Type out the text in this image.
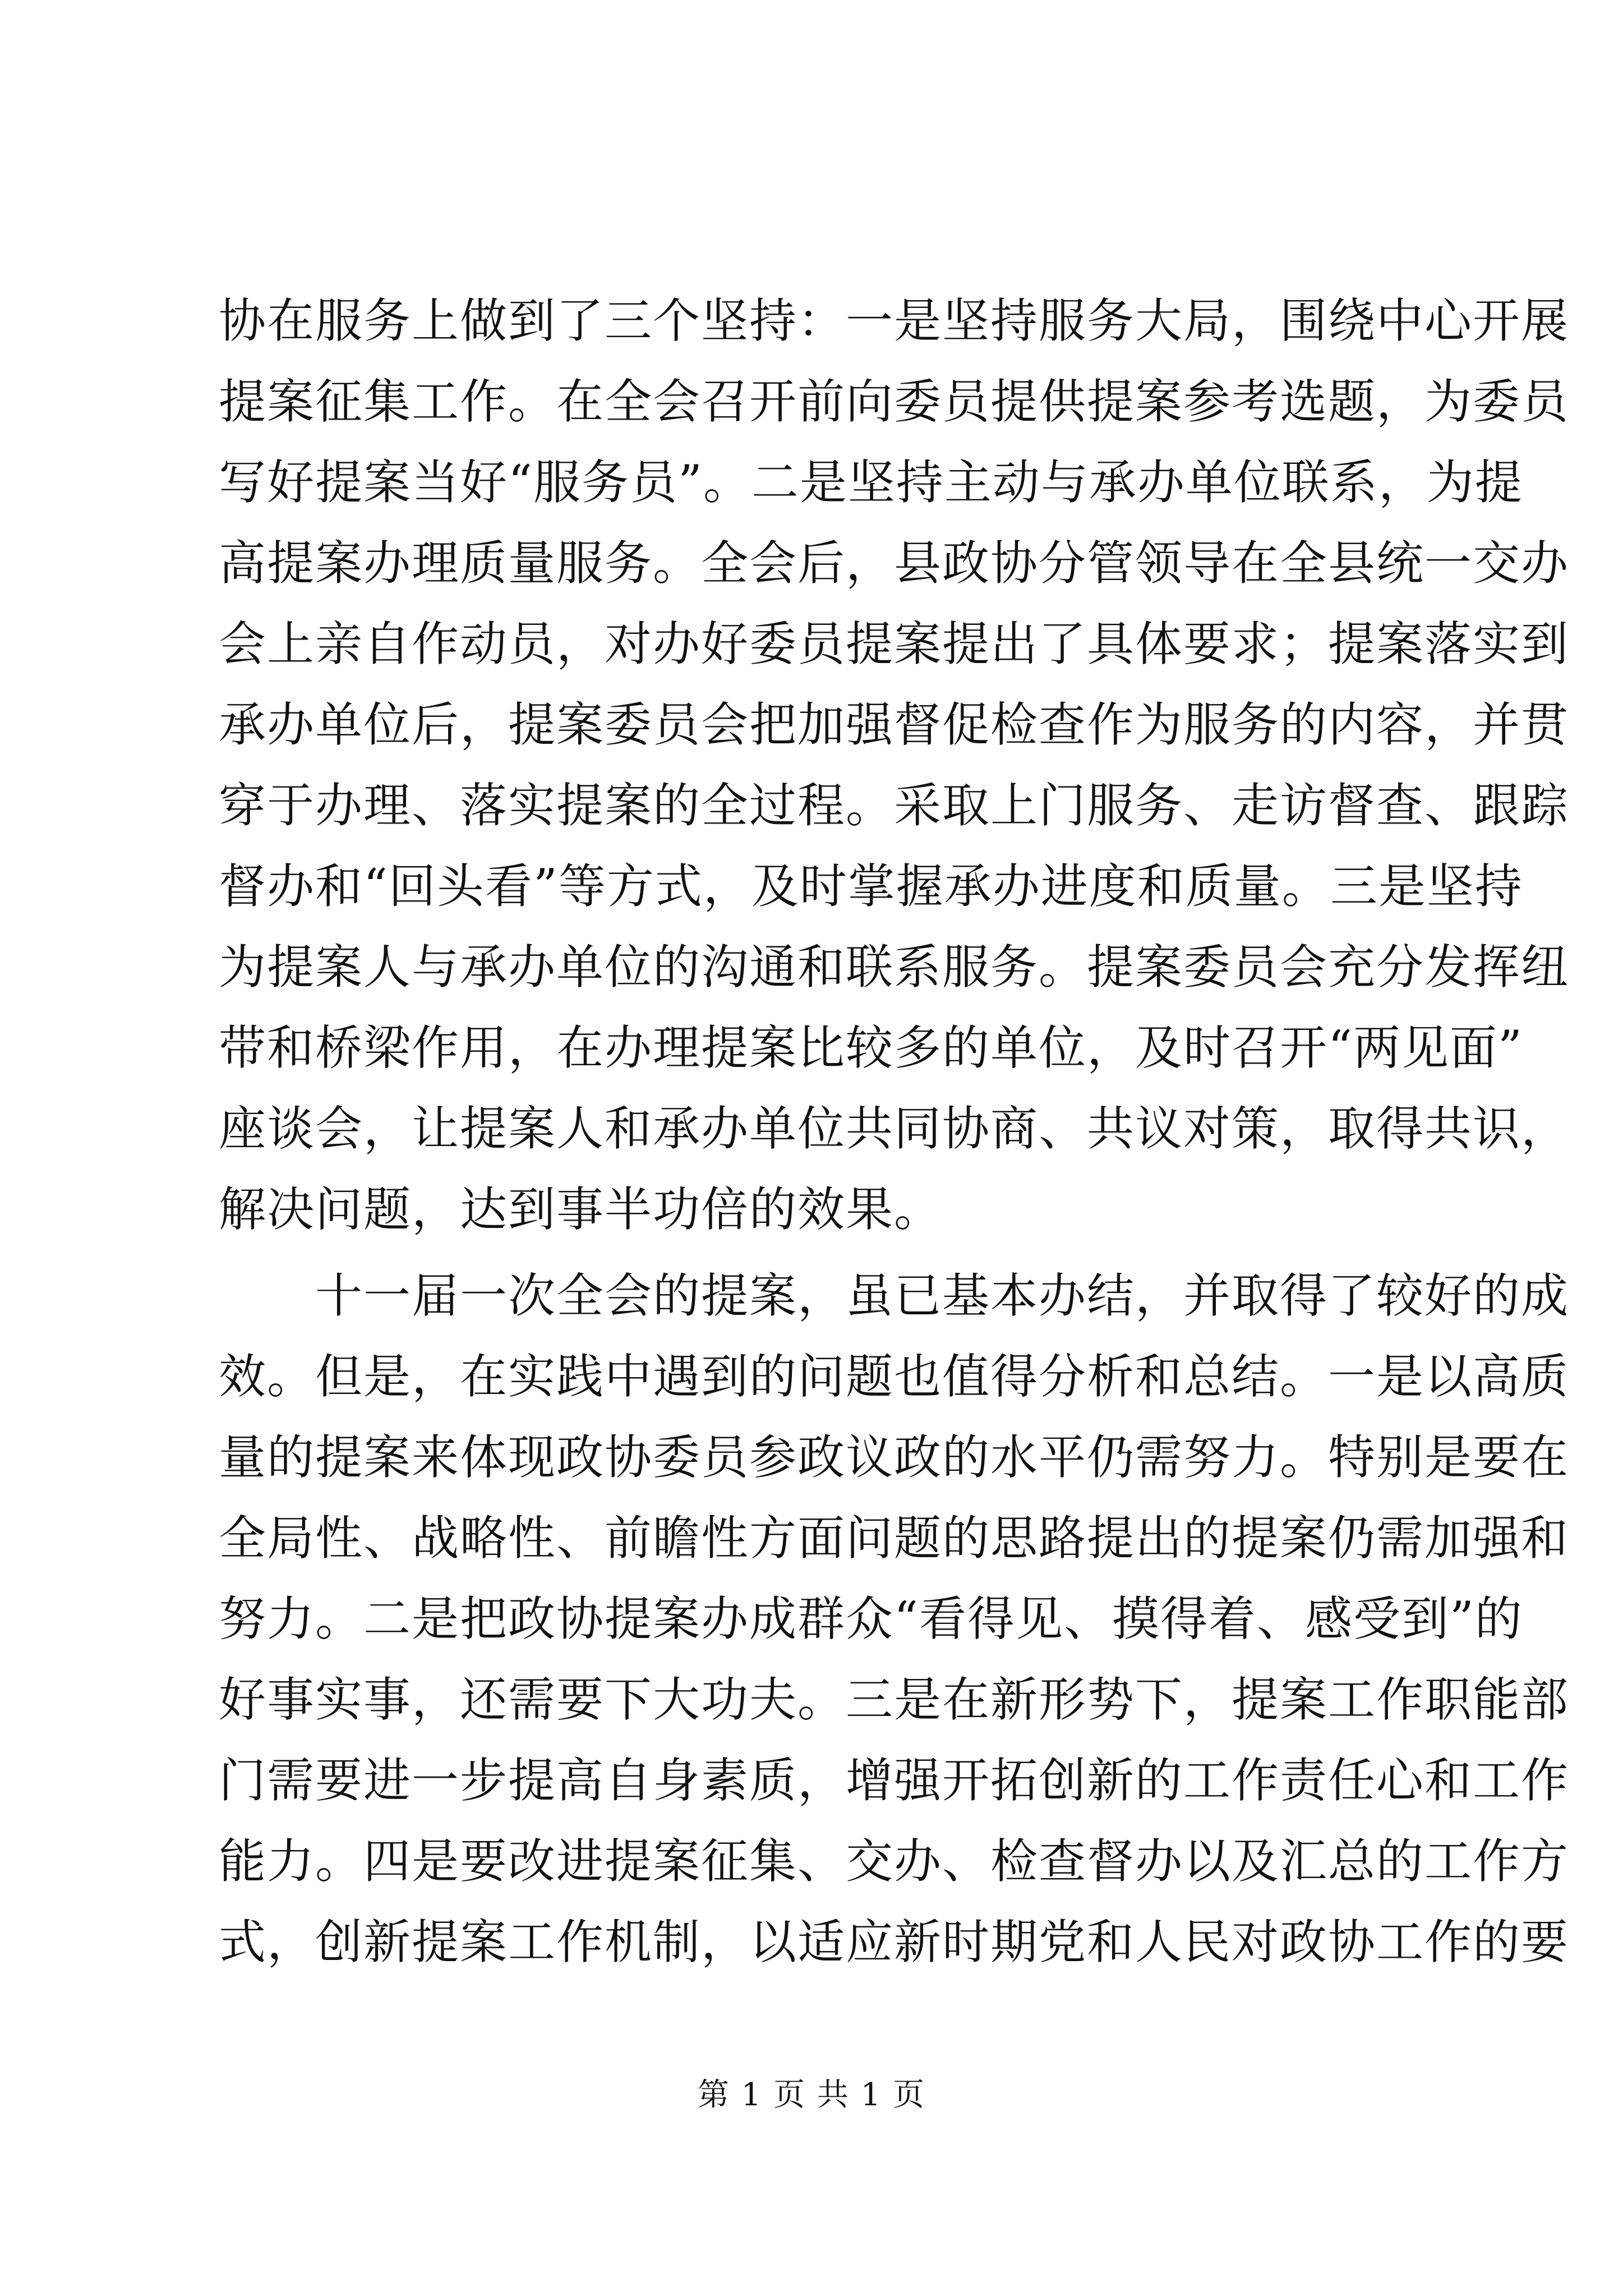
协在服务上做到了三个坚持：一是坚持服务大局，围绕中心开展
提案征集工作。在全会召开前向委员提供提案参考选题，为委员
写好提案当好“服务员”。二是坚持主动与承办单位联系，为提
高提案办理质量服务。全会后，县政协分管领导在全县统一交办
会上亲自作动员，对办好委员提案提出了具体要求；提案落实到
承办单位后，提案委员会把加强督促检查作为服务的内容，并贯
穿于办理、落实提案的全过程。采取上门服务、走访督查、跟踪
督办和“回头看”等方式，及时掌握承办进度和质量。三是坚持
为提案人与承办单位的沟通和联系服务。提案委员会充分发挥纽
带和桥梁作用，在办理提案比较多的单位，及时召开“两见面”
座谈会，让提案人和承办单位共同协商、共议对策，取得共识，
解决问题，达到事半功倍的效果。
十一届一次全会的提案，虽已基本办结，并取得了较好的成
效。但是，在实践中遇到的问题也值得分析和总结。一是以高质
量的提案来体现政协委员参政议政的水平仍需努力。特别是要在
全局性、战略性、前瞻性方面问题的思路提出的提案仍需加强和
努力。二是把政协提案办成群众“看得见、摸得着、感受到”的
好事实事，还需要下大功夫。三是在新形势下，提案工作职能部
门需要进一步提高自身素质，增强开拓创新的工作责任心和工作
能力。四是要改进提案征集、交办、检查督办以及汇总的工作方
式，创新提案工作机制，以适应新时期党和人民对政协工作的要
第 1 页 共 1 页
